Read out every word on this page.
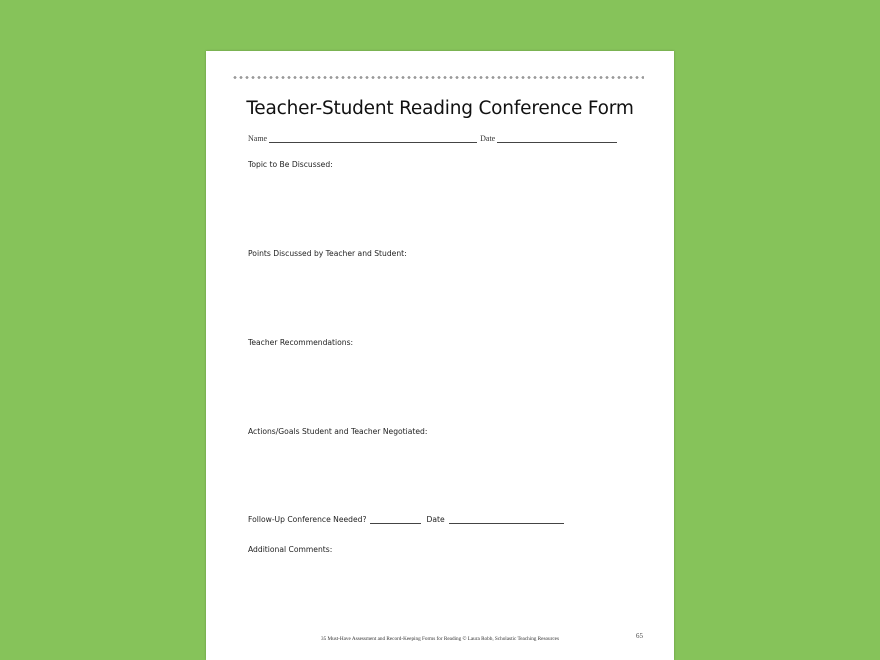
Teacher-Student Reading Conference Form
Name	Date
Topic to Be Discussed:
Points Discussed by Teacher and Student:
Teacher Recommendations:
Actions/Goals Student and Teacher Negotiated:
Follow-Up Conference Needed?	Date
Additional Comments:
35 Must-Have Assessment and Record-Keeping Forms for Reading © Laura Robb, Scholastic Teaching Resources	65
